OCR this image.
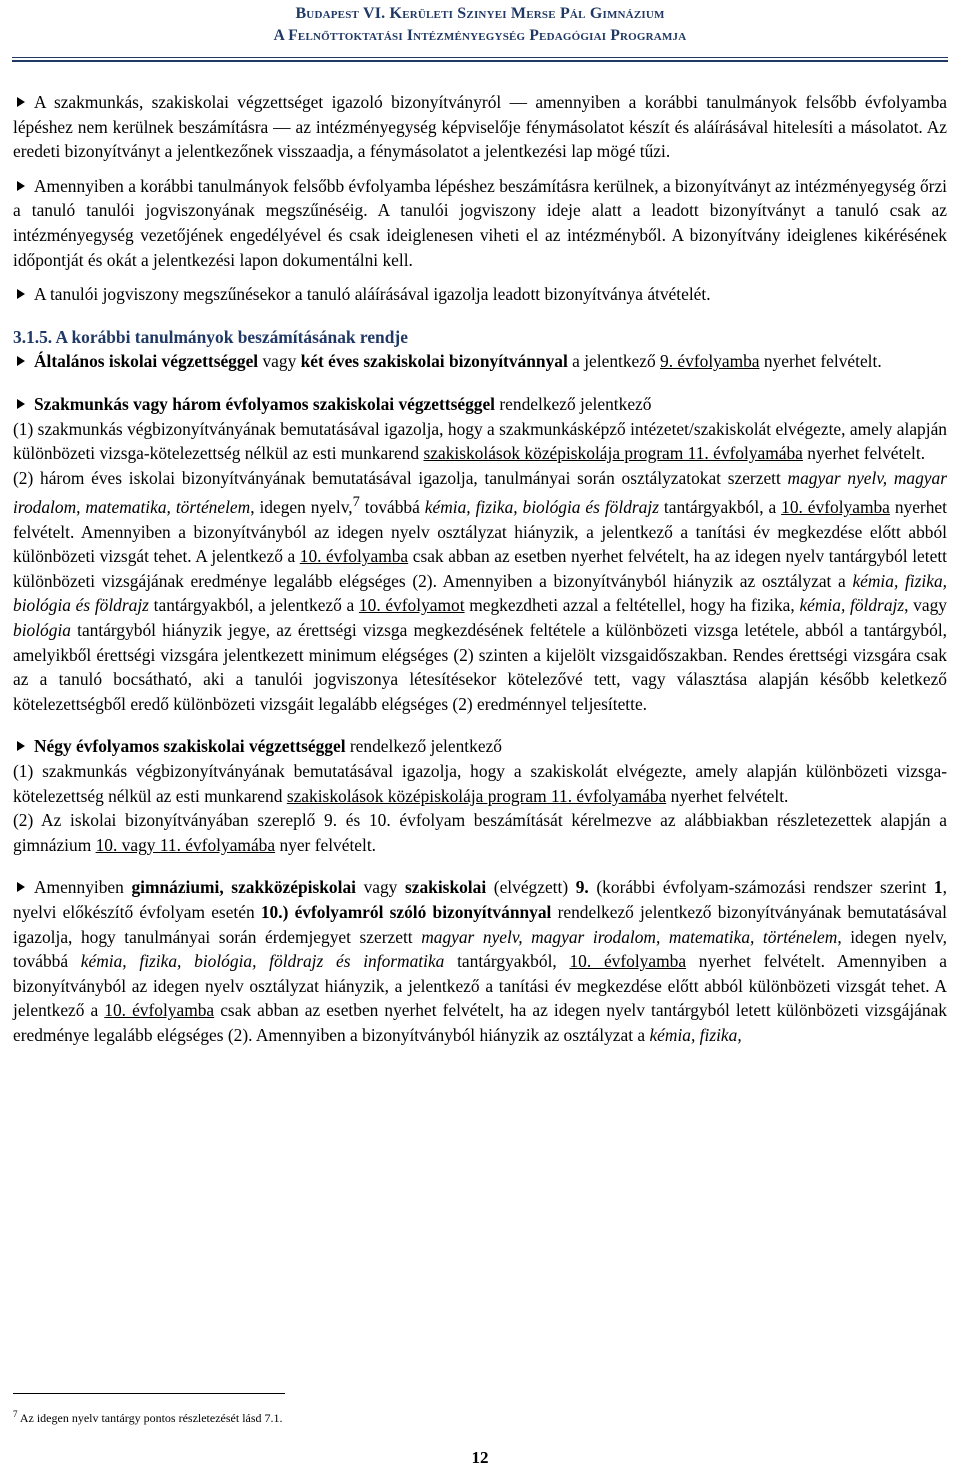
Budapest VI. Kerületi Szinyei Merse Pál Gimnázium
A Felnőttoktatási Intézményegység Pedagógiai Programja

A szakmunkás, szakiskolai végzettséget igazoló bizonyítványról — amennyiben a korábbi tanulmányok felsőbb évfolyamba lépéshez nem kerülnek beszámításra — az intézményegység képviselője fénymásolatot készít és aláírásával hitelesíti a másolatot. Az eredeti bizonyítványt a jelentkezőnek visszaadja, a fénymásolatot a jelentkezési lap mögé tűzi.

Amennyiben a korábbi tanulmányok felsőbb évfolyamba lépéshez beszámításra kerülnek, a bizonyítványt az intézményegység őrzi a tanuló tanulói jogviszonyának megszűnéséig. A tanulói jogviszony ideje alatt a leadott bizonyítványt a tanuló csak az intézményegység vezetőjének engedélyével és csak ideiglenesen viheti el az intézményből. A bizonyítvány ideiglenes kikérésének időpontját és okát a jelentkezési lapon dokumentálni kell.

A tanulói jogviszony megszűnésekor a tanuló aláírásával igazolja leadott bizonyítványa átvételét.

3.1.5. A korábbi tanulmányok beszámításának rendje

Általános iskolai végzettséggel vagy két éves szakiskolai bizonyítvánnyal a jelentkező 9. évfolyamba nyerhet felvételt.

Szakmunkás vagy három évfolyamos szakiskolai végzettséggel rendelkező jelentkező

(1) szakmunkás végbizonyítványának bemutatásával igazolja, hogy a szakmunkásképző intézetet/szakiskolát elvégezte, amely alapján különbözeti vizsga-kötelezettség nélkül az esti munkarend szakiskolások középiskolája program 11. évfolyamába nyerhet felvételt.

(2) három éves iskolai bizonyítványának bemutatásával igazolja, tanulmányai során osztályzatokat szerzett magyar nyelv, magyar irodalom, matematika, történelem, idegen nyelv,$^7$ továbbá kémia, fizika, biológia és földrajz tantárgyakból, a 10. évfolyamba nyerhet felvételt. Amennyiben a bizonyítványból az idegen nyelv osztályzat hiányzik, a jelentkező a tanítási év megkezdése előtt abból különbözeti vizsgát tehet. A jelentkező a 10. évfolyamba csak abban az esetben nyerhet felvételt, ha az idegen nyelv tantárgyból letett különbözeti vizsgájának eredménye legalább elégséges (2). Amennyiben a bizonyítványból hiányzik az osztályzat a kémia, fizika, biológia és földrajz tantárgyakból, a jelentkező a 10. évfolyamot megkezdheti azzal a feltétellel, hogy ha fizika, kémia, földrajz, vagy biológia tantárgyból hiányzik jegye, az érettségi vizsga megkezdésének feltétele a különbözeti vizsga letétele, abból a tantárgyból, amelyikből érettségi vizsgára jelentkezett minimum elégséges (2) szinten a kijelölt vizsgaidőszakban. Rendes érettségi vizsgára csak az a tanuló bocsátható, aki a tanulói jogviszonya létesítésekor kötelezővé tett, vagy választása alapján később keletkező kötelezettségből eredő különbözeti vizsgáit legalább elégséges (2) eredménnyel teljesítette.

Négy évfolyamos szakiskolai végzettséggel rendelkező jelentkező

(1) szakmunkás végbizonyítványának bemutatásával igazolja, hogy a szakiskolát elvégezte, amely alapján különbözeti vizsga-kötelezettség nélkül az esti munkarend szakiskolások középiskolája program 11. évfolyamába nyerhet felvételt.

(2) Az iskolai bizonyítványában szereplő 9. és 10. évfolyam beszámítását kérelmezve az alábbiakban részletezettek alapján a gimnázium 10. vagy 11. évfolyamába nyer felvételt.

Amennyiben gimnáziumi, szakközépiskolai vagy szakiskolai (elvégzett) 9. (korábbi évfolyam-számozási rendszer szerint 1, nyelvi előkészítő évfolyam esetén 10.) évfolyamról szóló bizonyítvánnyal rendelkező jelentkező bizonyítványának bemutatásával igazolja, hogy tanulmányai során érdemjegyet szerzett magyar nyelv, magyar irodalom, matematika, történelem, idegen nyelv, továbbá kémia, fizika, biológia, földrajz és informatika tantárgyakból, 10. évfolyamba nyerhet felvételt. Amennyiben a bizonyítványból az idegen nyelv osztályzat hiányzik, a jelentkező a tanítási év megkezdése előtt abból különbözeti vizsgát tehet. A jelentkező a 10. évfolyamba csak abban az esetben nyerhet felvételt, ha az idegen nyelv tantárgyból letett különbözeti vizsgájának eredménye legalább elégséges (2). Amennyiben a bizonyítványból hiányzik az osztályzat a kémia, fizika,

$^7$ Az idegen nyelv tantárgy pontos részletezését lásd 7.1.
12
